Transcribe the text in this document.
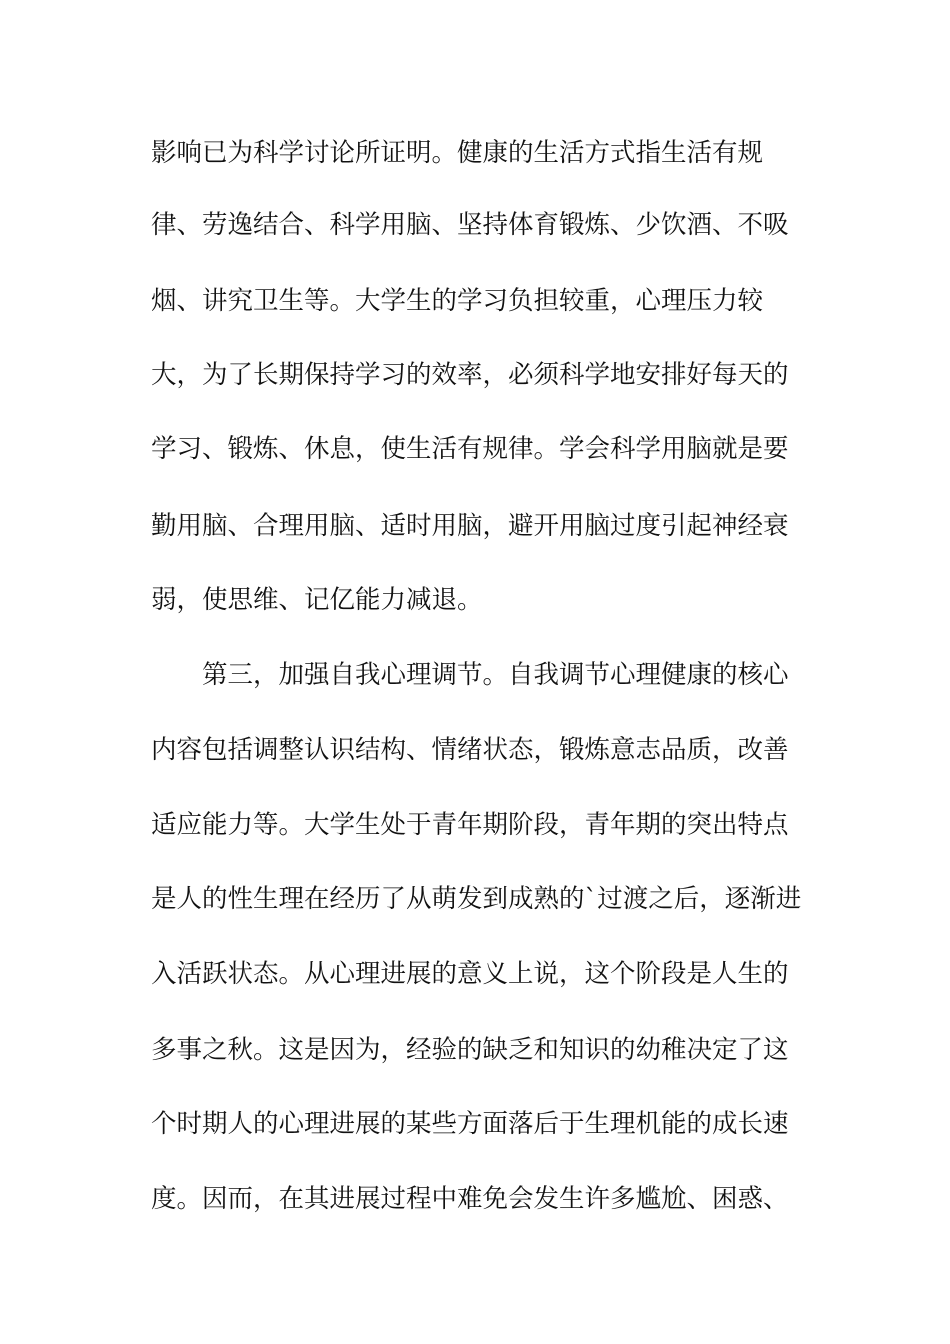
影响已为科学讨论所证明。健康的生活方式指生活有规
律、劳逸结合、科学用脑、坚持体育锻炼、少饮酒、不吸
烟、讲究卫生等。大学生的学习负担较重，心理压力较
大，为了长期保持学习的效率，必须科学地安排好每天的
学习、锻炼、休息，使生活有规律。学会科学用脑就是要
勤用脑、合理用脑、适时用脑，避开用脑过度引起神经衰
弱，使思维、记亿能力减退。
第三，加强自我心理调节。自我调节心理健康的核心
内容包括调整认识结构、情绪状态，锻炼意志品质，改善
适应能力等。大学生处于青年期阶段，青年期的突出特点
是人的性生理在经历了从萌发到成熟的`过渡之后，逐渐进
入活跃状态。从心理进展的意义上说，这个阶段是人生的
多事之秋。这是因为，经验的缺乏和知识的幼稚决定了这
个时期人的心理进展的某些方面落后于生理机能的成长速
度。因而，在其进展过程中难免会发生许多尴尬、困惑、
